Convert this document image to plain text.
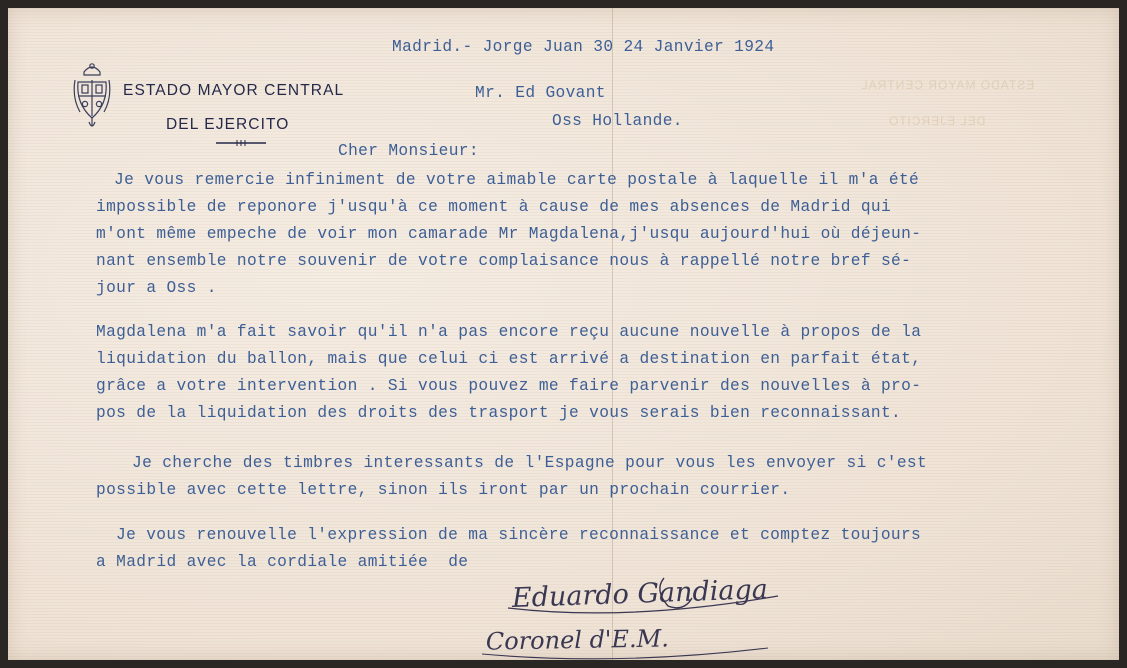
ESTADO MAYOR CENTRAL
DEL EJERCITO
ESTADO MAYOR CENTRAL
DEL EJERCITO
Madrid.- Jorge Juan 30 24 Janvier 1924
Mr. Ed Govant
Oss Hollande.
Cher Monsieur:
Je vous remercie infiniment de votre aimable carte postale à laquelle il m'a été
impossible de reponore j'usqu'à ce moment à cause de mes absences de Madrid qui
m'ont même empeche de voir mon camarade Mr Magdalena,j'usqu aujourd'hui où déjeun-
nant ensemble notre souvenir de votre complaisance nous à rappellé notre bref sé-
jour a Oss .
Magdalena m'a fait savoir qu'il n'a pas encore reçu aucune nouvelle à propos de la
liquidation du ballon, mais que celui ci est arrivé a destination en parfait état,
grâce a votre intervention . Si vous pouvez me faire parvenir des nouvelles à pro-
pos de la liquidation des droits des trasport je vous serais bien reconnaissant.
Je cherche des timbres interessants de l'Espagne pour vous les envoyer si c'est
possible avec cette lettre, sinon ils iront par un prochain courrier.
Je vous renouvelle l'expression de ma sincère reconnaissance et comptez toujours
a Madrid avec la cordiale amitiée  de
Eduardo Gandiaga
Coronel d'E.M.
